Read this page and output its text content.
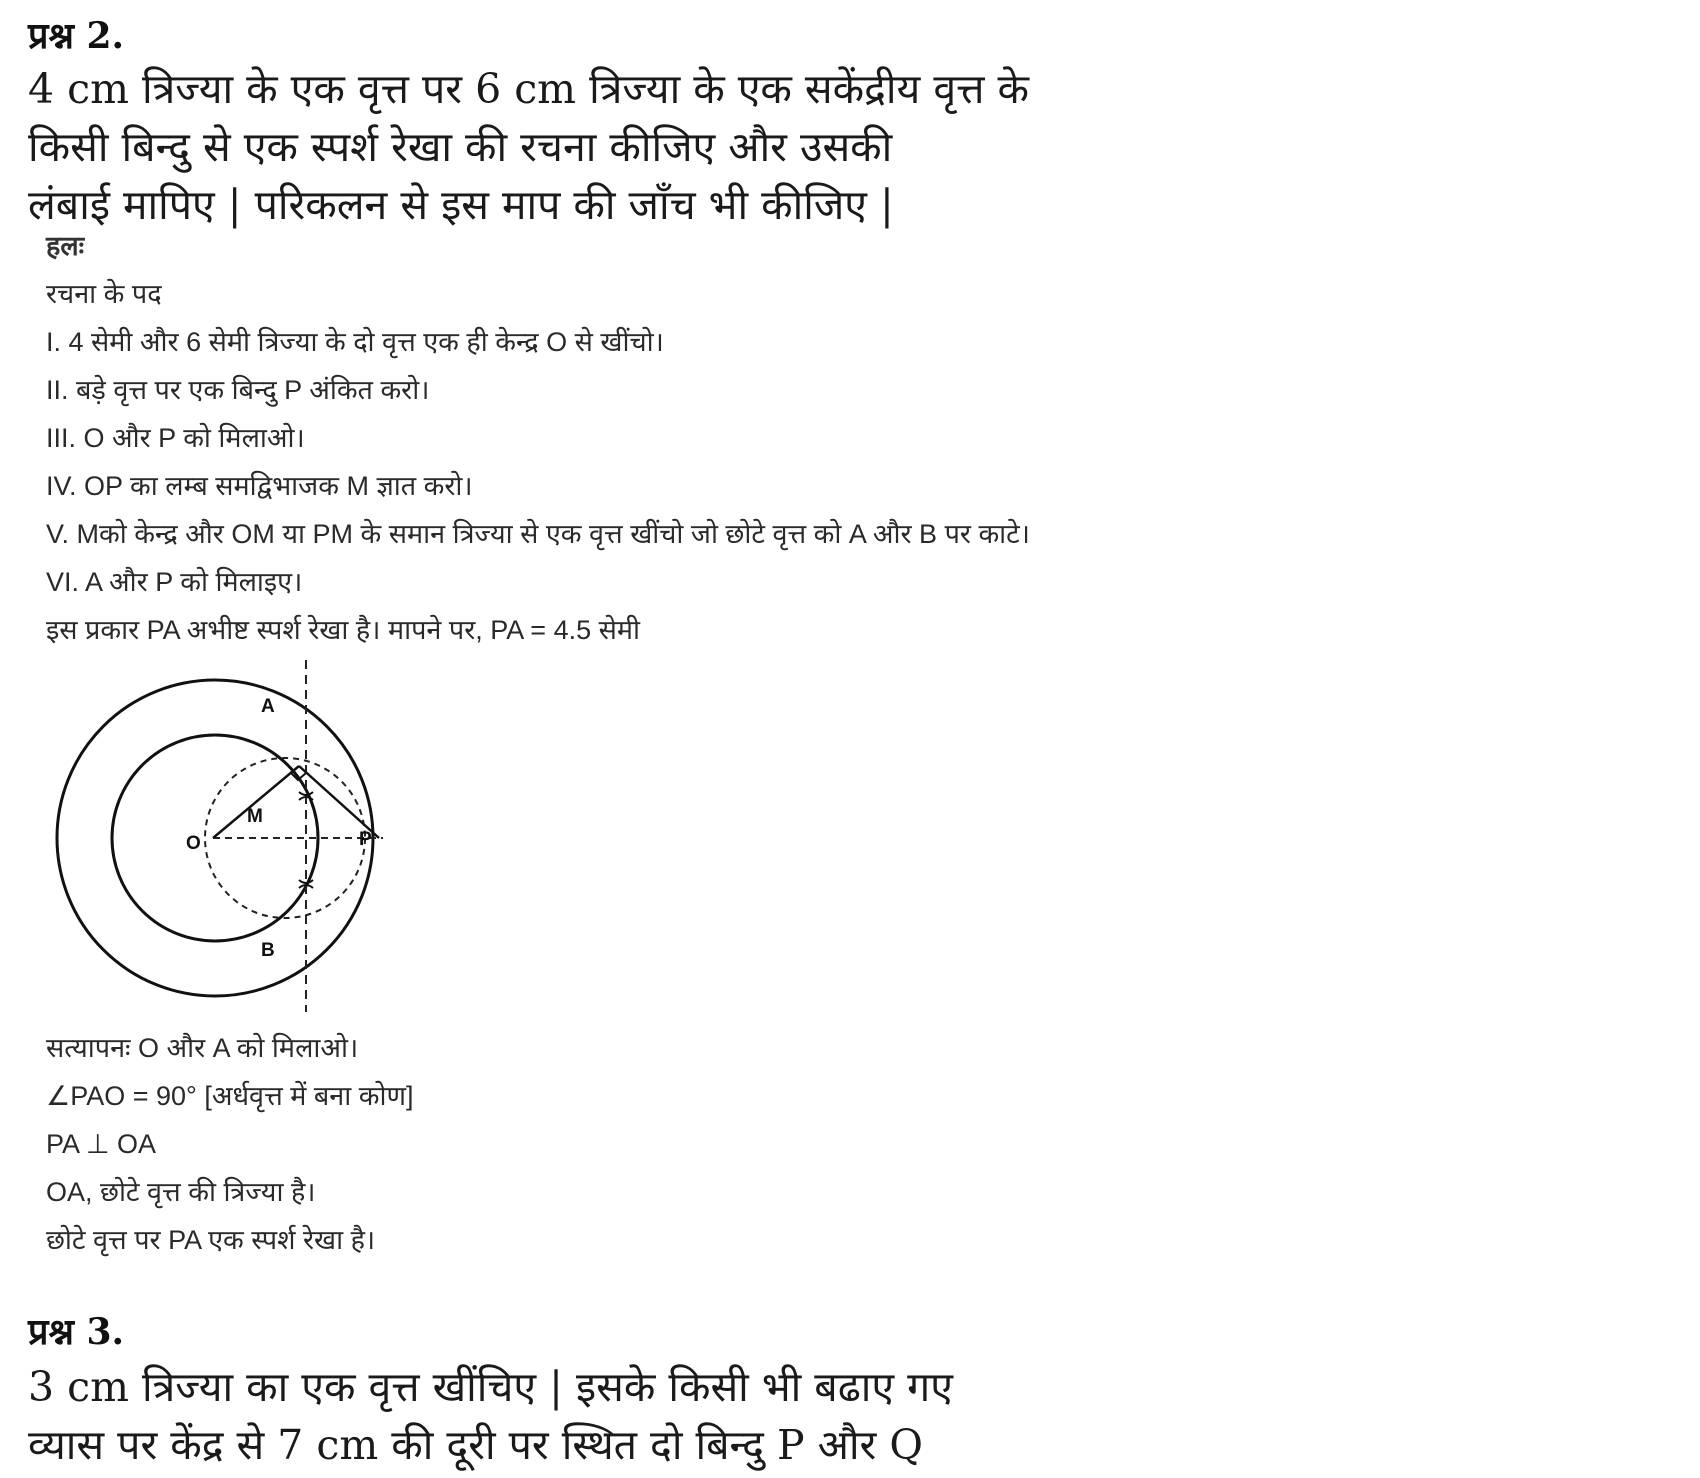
प्रश्न 2.
4 cm त्रिज्या के एक वृत्त पर 6 cm त्रिज्या के एक सकेंद्रीय वृत्त के
किसी बिन्दु से एक स्पर्श रेखा की रचना कीजिए और उसकी
लंबाई मापिए | परिकलन से इस माप की जाँच भी कीजिए |
हलः
रचना के पद
I. 4 सेमी और 6 सेमी त्रिज्या के दो वृत्त एक ही केन्द्र O से खींचो।
II. बड़े वृत्त पर एक बिन्दु P अंकित करो।
III. O और P को मिलाओ।
IV. OP का लम्ब समद्विभाजक M ज्ञात करो।
V. Mको केन्द्र और OM या PM के समान त्रिज्या से एक वृत्त खींचो जो छोटे वृत्त को A और B पर काटे।
VI. A और P को मिलाइए।
इस प्रकार PA अभीष्ट स्पर्श रेखा है। मापने पर, PA = 4.5 सेमी
O
M
P
A
B
सत्यापनः O और A को मिलाओ।
∠PAO = 90° [अर्धवृत्त में बना कोण]
PA ⊥ OA
OA, छोटे वृत्त की त्रिज्या है।
छोटे वृत्त पर PA एक स्पर्श रेखा है।
प्रश्न 3.
3 cm त्रिज्या का एक वृत्त खींचिए | इसके किसी भी बढाए गए
व्यास पर केंद्र से 7 cm की दूरी पर स्थित दो बिन्दु P और Q
